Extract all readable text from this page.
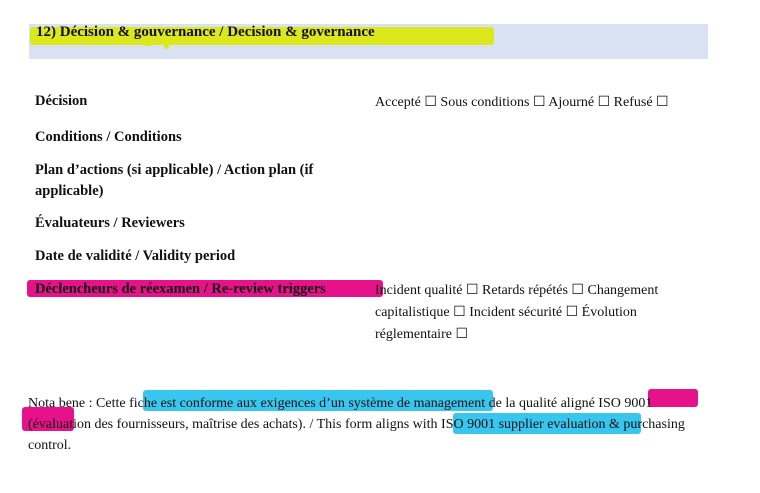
12) Décision & gouvernance / Decision & governance
Décision	Accepté ☐ Sous conditions ☐ Ajourné ☐ Refusé ☐
Conditions / Conditions
Plan d’actions (si applicable) / Action plan (if applicable)
Évaluateurs / Reviewers
Date de validité / Validity period
Déclencheurs de réexamen / Re-review triggers	Incident qualité ☐ Retards répétés ☐ Changement capitalistique ☐ Incident sécurité ☐ Évolution réglementaire ☐
Nota bene : Cette fiche est conforme aux exigences d’un système de management de la qualité aligné ISO 9001 (évaluation des fournisseurs, maîtrise des achats). / This form aligns with ISO 9001 supplier evaluation & purchasing control.
